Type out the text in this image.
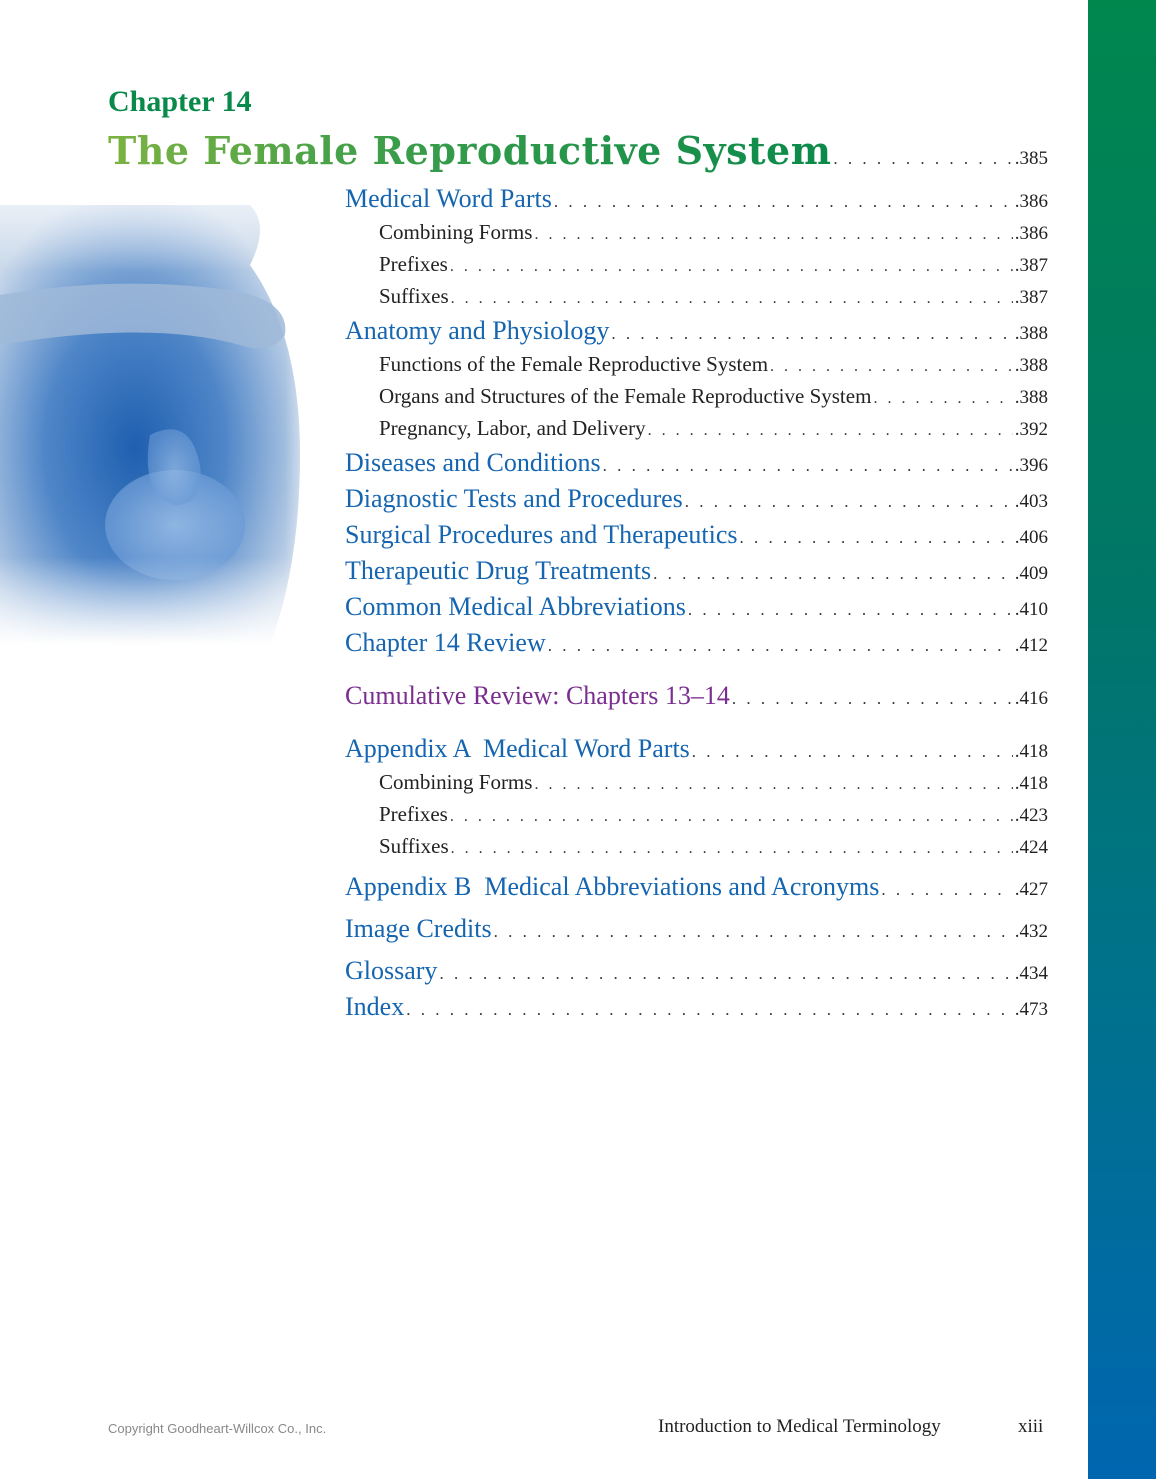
Chapter 14
The Female Reproductive System . . .	.385
Medical Word Parts . . .	.386
Combining Forms . . .	.386
Prefixes . . .	.387
Suffixes . . .	.387
Anatomy and Physiology . . .	.388
Functions of the Female Reproductive System . . .	.388
Organs and Structures of the Female Reproductive System . . .	.388
Pregnancy, Labor, and Delivery . . .	.392
Diseases and Conditions . . .	.396
Diagnostic Tests and Procedures . . .	.403
Surgical Procedures and Therapeutics . . .	.406
Therapeutic Drug Treatments . . .	.409
Common Medical Abbreviations . . .	.410
Chapter 14 Review . . .	.412
Cumulative Review: Chapters 13–14 . . .	.416
Appendix A  Medical Word Parts . . .	.418
Combining Forms . . .	.418
Prefixes . . .	.423
Suffixes . . .	.424
Appendix B  Medical Abbreviations and Acronyms . . .	.427
Image Credits . . .	.432
Glossary . . .	.434
Index . . .	.473
Copyright Goodheart-Willcox Co., Inc.	Introduction to Medical Terminology	xiii
